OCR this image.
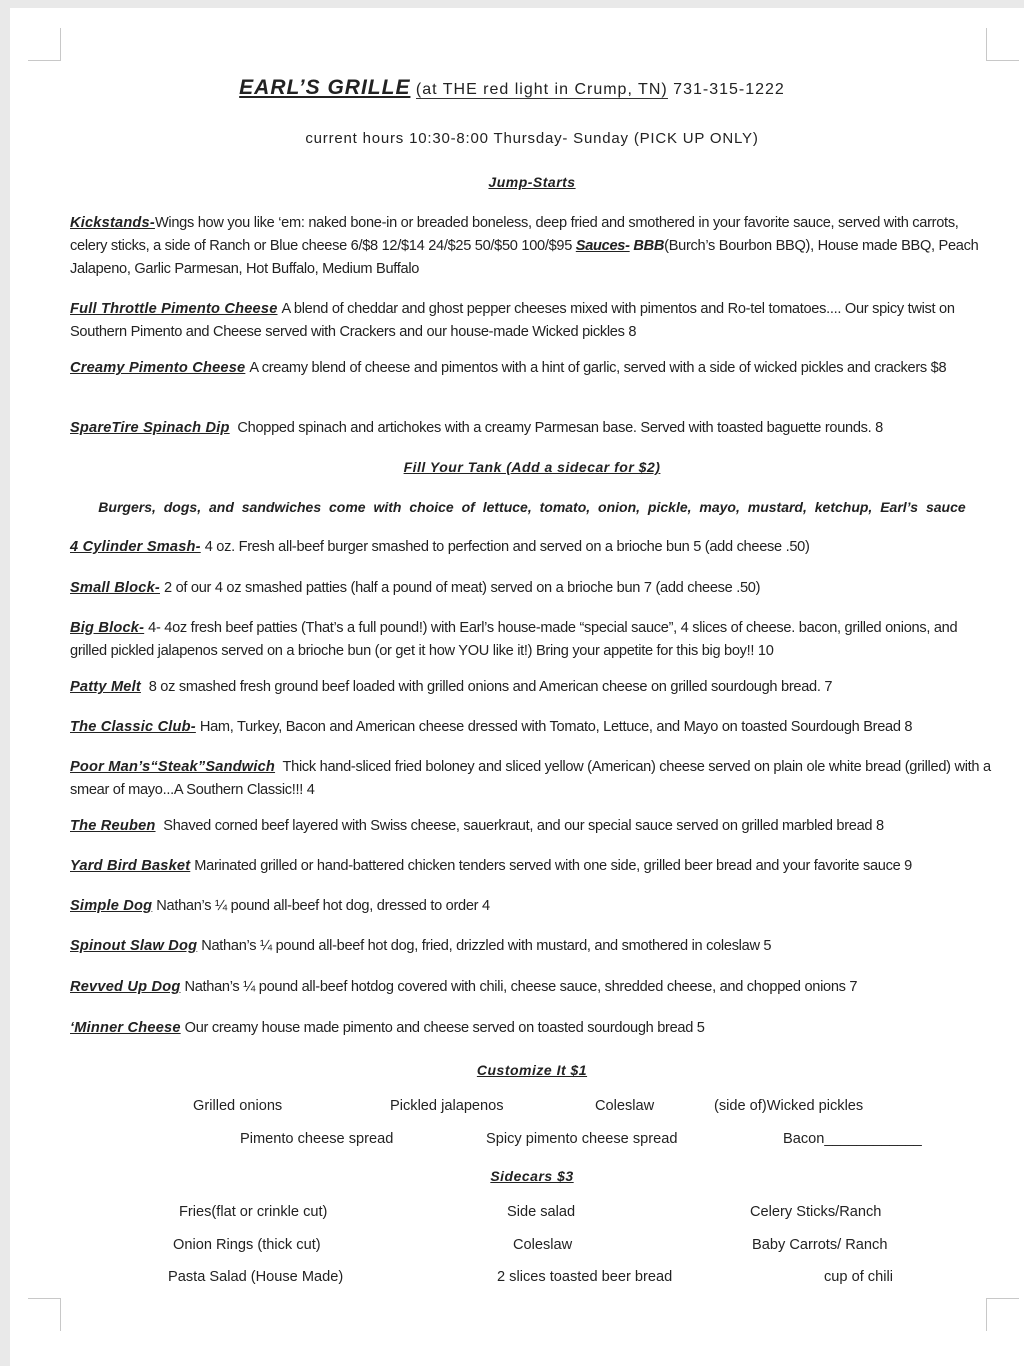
EARL’S GRILLE (at THE red light in Crump, TN) 731-315-1222
current hours 10:30-8:00 Thursday- Sunday (PICK UP ONLY)
Jump-Starts
Kickstands-Wings how you like ‘em: naked bone-in or breaded boneless, deep fried and smothered in your favorite sauce, served with carrots, celery sticks, a side of Ranch or Blue cheese 6/$8 12/$14 24/$25 50/$50 100/$95 Sauces- BBB(Burch’s Bourbon BBQ), House made BBQ, Peach Jalapeno, Garlic Parmesan, Hot Buffalo, Medium Buffalo
Full Throttle Pimento Cheese A blend of cheddar and ghost pepper cheeses mixed with pimentos and Ro-tel tomatoes.... Our spicy twist on Southern Pimento and Cheese served with Crackers and our house-made Wicked pickles 8
Creamy Pimento Cheese A creamy blend of cheese and pimentos with a hint of garlic, served with a side of wicked pickles and crackers $8
SpareTire Spinach Dip Chopped spinach and artichokes with a creamy Parmesan base. Served with toasted baguette rounds. 8
Fill Your Tank (Add a sidecar for $2)
Burgers, dogs, and sandwiches come with choice of lettuce, tomato, onion, pickle, mayo, mustard, ketchup, Earl’s sauce
4 Cylinder Smash- 4 oz. Fresh all-beef burger smashed to perfection and served on a brioche bun 5 (add cheese .50)
Small Block- 2 of our 4 oz smashed patties (half a pound of meat) served on a brioche bun 7 (add cheese .50)
Big Block- 4- 4oz fresh beef patties (That’s a full pound!) with Earl’s house-made “special sauce”, 4 slices of cheese. bacon, grilled onions, and grilled pickled jalapenos served on a brioche bun (or get it how YOU like it!) Bring your appetite for this big boy!! 10
Patty Melt 8 oz smashed fresh ground beef loaded with grilled onions and American cheese on grilled sourdough bread. 7
The Classic Club- Ham, Turkey, Bacon and American cheese dressed with Tomato, Lettuce, and Mayo on toasted Sourdough Bread 8
Poor Man’s“Steak”Sandwich Thick hand-sliced fried boloney and sliced yellow (American) cheese served on plain ole white bread (grilled) with a smear of mayo...A Southern Classic!!! 4
The Reuben Shaved corned beef layered with Swiss cheese, sauerkraut, and our special sauce served on grilled marbled bread 8
Yard Bird Basket Marinated grilled or hand-battered chicken tenders served with one side, grilled beer bread and your favorite sauce 9
Simple Dog Nathan’s ¼ pound all-beef hot dog, dressed to order 4
Spinout Slaw Dog Nathan’s ¼ pound all-beef hot dog, fried, drizzled with mustard, and smothered in coleslaw 5
Revved Up Dog Nathan’s ¼ pound all-beef hotdog covered with chili, cheese sauce, shredded cheese, and chopped onions 7
‘Minner Cheese Our creamy house made pimento and cheese served on toasted sourdough bread 5
Customize It $1
Grilled onions	Pickled jalapenos	Coleslaw	(side of)Wicked pickles
Pimento cheese spread	Spicy pimento cheese spread	Bacon____________
Sidecars $3
Fries(flat or crinkle cut)	Side salad	Celery Sticks/Ranch
Onion Rings (thick cut)	Coleslaw	Baby Carrots/ Ranch
Pasta Salad (House Made)	2 slices toasted beer bread	cup of chili
